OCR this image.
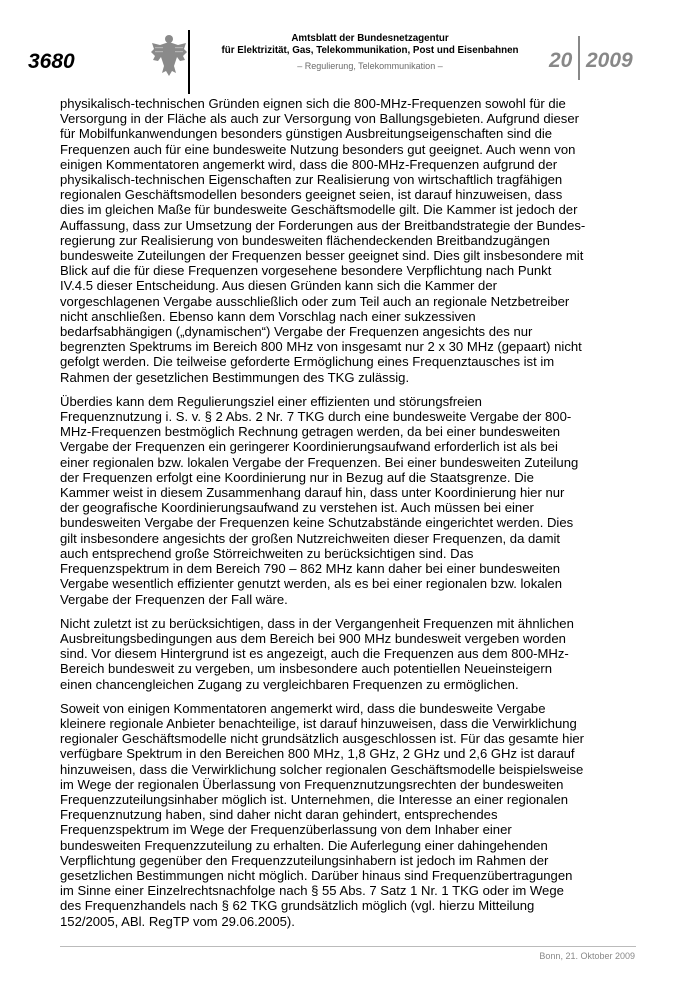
3680
Amtsblatt der Bundesnetzagentur
für Elektrizität, Gas, Telekommunikation, Post und Eisenbahnen
– Regulierung, Telekommunikation –	20 2009

physikalisch-technischen Gründen eignen sich die 800-MHz-Frequenzen sowohl für die Versorgung in der Fläche als auch zur Versorgung von Ballungsgebieten. Aufgrund dieser für Mobilfunkanwendungen besonders günstigen Ausbreitungseigenschaften sind die Frequenzen auch für eine bundesweite Nutzung besonders gut geeignet. Auch wenn von einigen Kommentatoren angemerkt wird, dass die 800-MHz-Frequenzen aufgrund der physikalisch-technischen Eigenschaften zur Realisierung von wirtschaftlich tragfähigen regionalen Geschäftsmodellen besonders geeignet seien, ist darauf hinzuweisen, dass dies im gleichen Maße für bundesweite Geschäftsmodelle gilt. Die Kammer ist jedoch der Auffassung, dass zur Umsetzung der Forderungen aus der Breitbandstrategie der Bundesregierung zur Realisierung von bundesweiten flächendeckenden Breitbandzugängen bundesweite Zuteilungen der Frequenzen besser geeignet sind. Dies gilt insbesondere mit Blick auf die für diese Frequenzen vorgesehene besondere Verpflichtung nach Punkt IV.4.5 dieser Entscheidung. Aus diesen Gründen kann sich die Kammer der vorgeschlagenen Vergabe ausschließlich oder zum Teil auch an regionale Netzbetreiber nicht anschließen. Ebenso kann dem Vorschlag nach einer sukzessiven bedarfsabhängigen („dynamischen“) Vergabe der Frequenzen angesichts des nur begrenzten Spektrums im Bereich 800 MHz von insgesamt nur 2 x 30 MHz (gepaart) nicht gefolgt werden. Die teilweise geforderte Ermöglichung eines Frequenztausches ist im Rahmen der gesetzlichen Bestimmungen des TKG zulässig.

Überdies kann dem Regulierungsziel einer effizienten und störungsfreien Frequenznutzung i. S. v. § 2 Abs. 2 Nr. 7 TKG durch eine bundesweite Vergabe der 800-MHz-Frequenzen bestmöglich Rechnung getragen werden, da bei einer bundesweiten Vergabe der Frequenzen ein geringerer Koordinierungsaufwand erforderlich ist als bei einer regionalen bzw. lokalen Vergabe der Frequenzen. Bei einer bundesweiten Zuteilung der Frequenzen erfolgt eine Koordinierung nur in Bezug auf die Staatsgrenze. Die Kammer weist in diesem Zusammenhang darauf hin, dass unter Koordinierung hier nur der geografische Koordinierungsaufwand zu verstehen ist. Auch müssen bei einer bundesweiten Vergabe der Frequenzen keine Schutzabstände eingerichtet werden. Dies gilt insbesondere angesichts der großen Nutzreichweiten dieser Frequenzen, da damit auch entsprechend große Störreichweiten zu berücksichtigen sind. Das Frequenzspektrum in dem Bereich 790 – 862 MHz kann daher bei einer bundesweiten Vergabe wesentlich effizienter genutzt werden, als es bei einer regionalen bzw. lokalen Vergabe der Frequenzen der Fall wäre.

Nicht zuletzt ist zu berücksichtigen, dass in der Vergangenheit Frequenzen mit ähnlichen Ausbreitungsbedingungen aus dem Bereich bei 900 MHz bundesweit vergeben worden sind. Vor diesem Hintergrund ist es angezeigt, auch die Frequenzen aus dem 800-MHz-Bereich bundesweit zu vergeben, um insbesondere auch potentiellen Neueinsteigern einen chancengleichen Zugang zu vergleichbaren Frequenzen zu ermöglichen.

Soweit von einigen Kommentatoren angemerkt wird, dass die bundesweite Vergabe kleinere regionale Anbieter benachteilige, ist darauf hinzuweisen, dass die Verwirklichung regionaler Geschäftsmodelle nicht grundsätzlich ausgeschlossen ist. Für das gesamte hier verfügbare Spektrum in den Bereichen 800 MHz, 1,8 GHz, 2 GHz und 2,6 GHz ist darauf hinzuweisen, dass die Verwirklichung solcher regionalen Geschäftsmodelle beispielsweise im Wege der regionalen Überlassung von Frequenznutzungsrechten der bundesweiten Frequenzzuteilungsinhaber möglich ist. Unternehmen, die Interesse an einer regionalen Frequenznutzung haben, sind daher nicht daran gehindert, entsprechendes Frequenzspektrum im Wege der Frequenzüberlassung von dem Inhaber einer bundesweiten Frequenzzuteilung zu erhalten. Die Auferlegung einer dahingehenden Verpflichtung gegenüber den Frequenzzuteilungsinhabern ist jedoch im Rahmen der gesetzlichen Bestimmungen nicht möglich. Darüber hinaus sind Frequenzübertragungen im Sinne einer Einzelrechtsnachfolge nach § 55 Abs. 7 Satz 1 Nr. 1 TKG oder im Wege des Frequenzhandels nach § 62 TKG grundsätzlich möglich (vgl. hierzu Mitteilung 152/2005, ABl. RegTP vom 29.06.2005).

Bonn, 21. Oktober 2009
